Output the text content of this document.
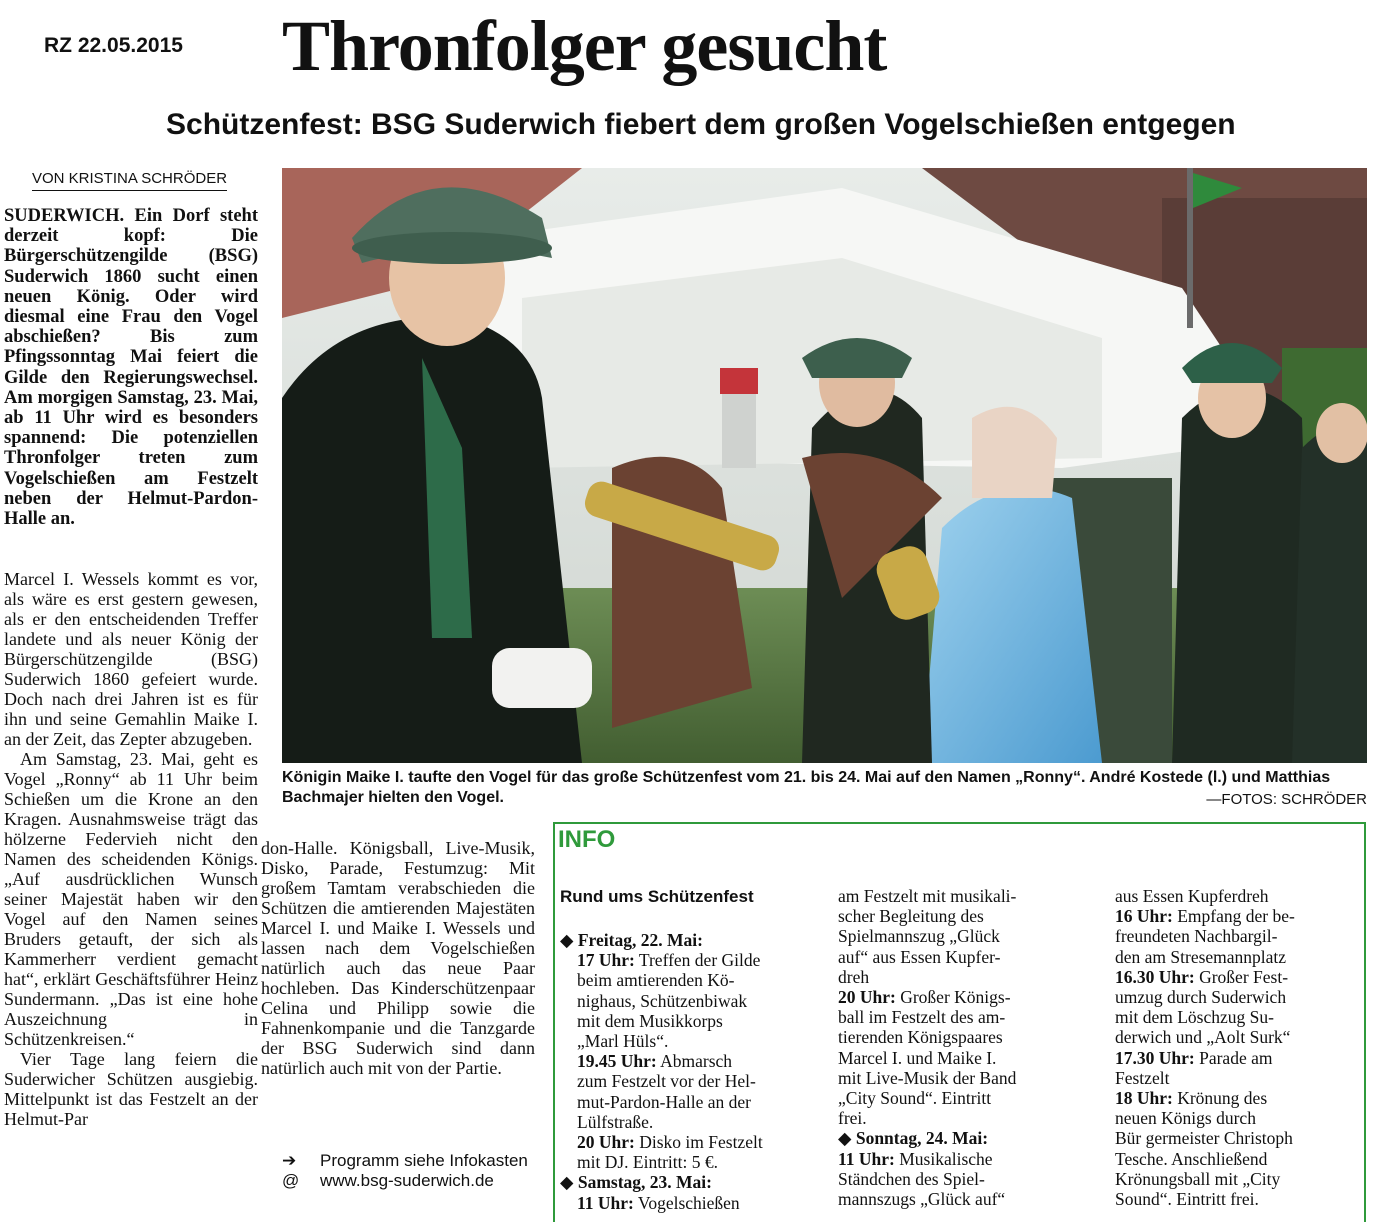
RZ 22.05.2015 Thronfolger gesucht
Schützenfest: BSG Suderwich fiebert dem großen Vogelschießen entgegen
VON KRISTINA SCHRÖDER
SUDERWICH. Ein Dorf steht derzeit kopf: Die Bürgerschützengilde (BSG) Suderwich 1860 sucht einen neuen König. Oder wird diesmal eine Frau den Vogel abschießen? Bis zum Pfingssonntag Mai feiert die Gilde den Regierungswechsel. Am morgigen Samstag, 23. Mai, ab 11 Uhr wird es besonders spannend: Die potenziellen Thronfolger treten zum Vogelschießen am Festzelt neben der Helmut-Pardon-Halle an.

Marcel I. Wessels kommt es vor, als wäre es erst gestern gewesen, als er den entscheidenden Treffer landete und als neuer König der Bürgerschützengilde (BSG) Suderwich 1860 gefeiert wurde. Doch nach drei Jahren ist es für ihn und seine Gemahlin Maike I. an der Zeit, das Zepter abzugeben.

Am Samstag, 23. Mai, geht es Vogel „Ronny“ ab 11 Uhr beim Schießen um die Krone an den Kragen. Ausnahmsweise trägt das hölzerne Federvieh nicht den Namen des scheidenden Königs. „Auf ausdrücklichen Wunsch seiner Majestät haben wir den Vogel auf den Namen seines Bruders getauft, der sich als Kammerherr verdient gemacht hat“, erklärt Geschäftsführer Heinz Sundermann. „Das ist eine hohe Auszeichnung in Schützenkreisen.“

Vier Tage lang feiern die Suderwicher Schützen ausgiebig. Mittelpunkt ist das Festzelt an der Helmut-Par

don-Halle. Königsball, Live-Musik, Disko, Parade, Festumzug: Mit großem Tamtam verabschieden die Schützen die amtierenden Majestäten Marcel I. und Maike I. Wessels und lassen nach dem Vogelschießen natürlich auch das neue Paar hochleben. Das Kinderschützenpaar Celina und Philipp sowie die Fahnenkompanie und die Tanzgarde der BSG Suderwich sind dann natürlich auch mit von der Partie.

➔	Programm siehe Infokasten
@	www.bsg-suderwich.de
Königin Maike I. taufte den Vogel für das große Schützenfest vom 21. bis 24. Mai auf den Namen „Ronny“. André Kostede (l.) und Matthias Bachmajer hielten den Vogel.	—FOTOS: SCHRÖDER
INFO
Rund ums Schützenfest
◆ Freitag, 22. Mai:
17 Uhr: Treffen der Gilde
beim amtierenden Kö-
nighaus, Schützenbiwak
mit dem Musikkorps
„Marl Hüls“.
19.45 Uhr: Abmarsch
zum Festzelt vor der Hel-
mut-Pardon-Halle an der
Lülfstraße.
20 Uhr: Disko im Festzelt
mit DJ. Eintritt: 5 €.
◆ Samstag, 23. Mai:
11 Uhr: Vogelschießen
am Festzelt mit musikali-
scher Begleitung des
Spielmannszug „Glück
auf“ aus Essen Kupfer-
dreh
20 Uhr: Großer Königs-
ball im Festzelt des am-
tierenden Königspaares
Marcel I. und Maike I.
mit Live-Musik der Band
„City Sound“. Eintritt
frei.
◆ Sonntag, 24. Mai:
11 Uhr: Musikalische
Ständchen des Spiel-
mannszugs „Glück auf“
aus Essen Kupferdreh
16 Uhr: Empfang der be-
freundeten Nachbargil-
den am Stresemannplatz
16.30 Uhr: Großer Fest-
umzug durch Suderwich
mit dem Löschzug Su-
derwich und „Aolt Surk“
17.30 Uhr: Parade am
Festzelt
18 Uhr: Krönung des
neuen Königs durch
Bür germeister Christoph
Tesche. Anschließend
Krönungsball mit „City
Sound“. Eintritt frei.
